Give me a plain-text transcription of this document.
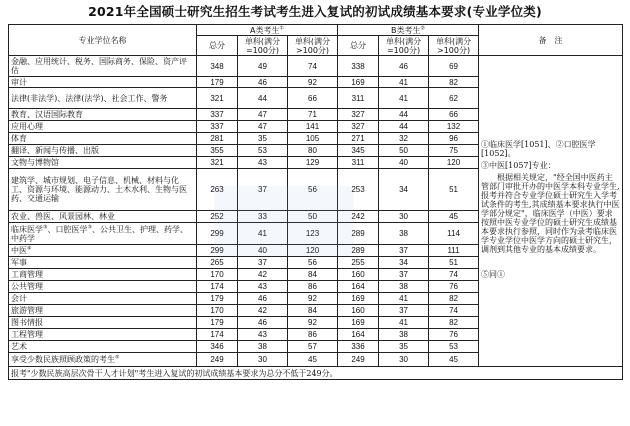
2021年全国硕士研究生招生考试考生进入复试的初试成绩基本要求(专业学位类)
专业学位名称	A类考生①			B类考生②			备　注
	总分	单科(满分=100分)	单科(满分>100分)	总分	单科(满分=100分)	单科(满分>100分)	
金融、应用统计、税务、国际商务、保险、资产评估	348	49	74	338	46	69	①临床医学[1051]、②口腔医学[1052]。
③中医[1057]专业：
　　根据相关规定，"经全国中医药主管部门审批开办的中医学本科专业学生,报考并符合专业学位硕士研究生入学考试条件的考生,其成绩基本要求执行中医学部分规定"，临床医学（中医）要求按照中医专业学位的硕士研究生成绩基本要求执行参照，同时作为录考临床医学专业学位中医学方向的硕士研究生，调剂到其他专业的基本成绩要求。
⑤同①

审计	179	46	92	169	41	82	
法律(非法学)、法律(法学)、社会工作、警务	321	44	66	311	41	62	
教育、汉语国际教育	337	47	71	327	44	66	
应用心理	337	47	141	327	44	132	
体育	281	35	105	271	32	96	
翻译、新闻与传播、出版	355	53	80	345	50	75	
文物与博物馆	321	43	129	311	40	120	
建筑学、城市规划、电子信息、机械、材料与化工、资源与环境、能源动力、土木水利、生物与医药、交通运输	263	37	56	253	34	51	
农业、兽医、风景园林、林业	252	33	50	242	30	45	
临床医学③、口腔医学③、公共卫生、护理、药学、中药学	299	41	123	289	38	114	
中医④	299	40	120	289	37	111	
军事	265	37	56	255	34	51	
工商管理	170	42	84	160	37	74	
公共管理	174	43	86	164	38	76	
会计	179	46	92	169	41	82	
旅游管理	170	42	84	160	37	74	
图书情报	179	46	92	169	41	82	
工程管理	174	43	86	164	38	76	
艺术	346	38	57	336	35	53	
享受少数民族照顾政策的考生⑤	249	30	45	249	30	45	
报考"少数民族高层次骨干人才计划"考生进入复试的初试成绩基本要求为总分不低于249分。							
